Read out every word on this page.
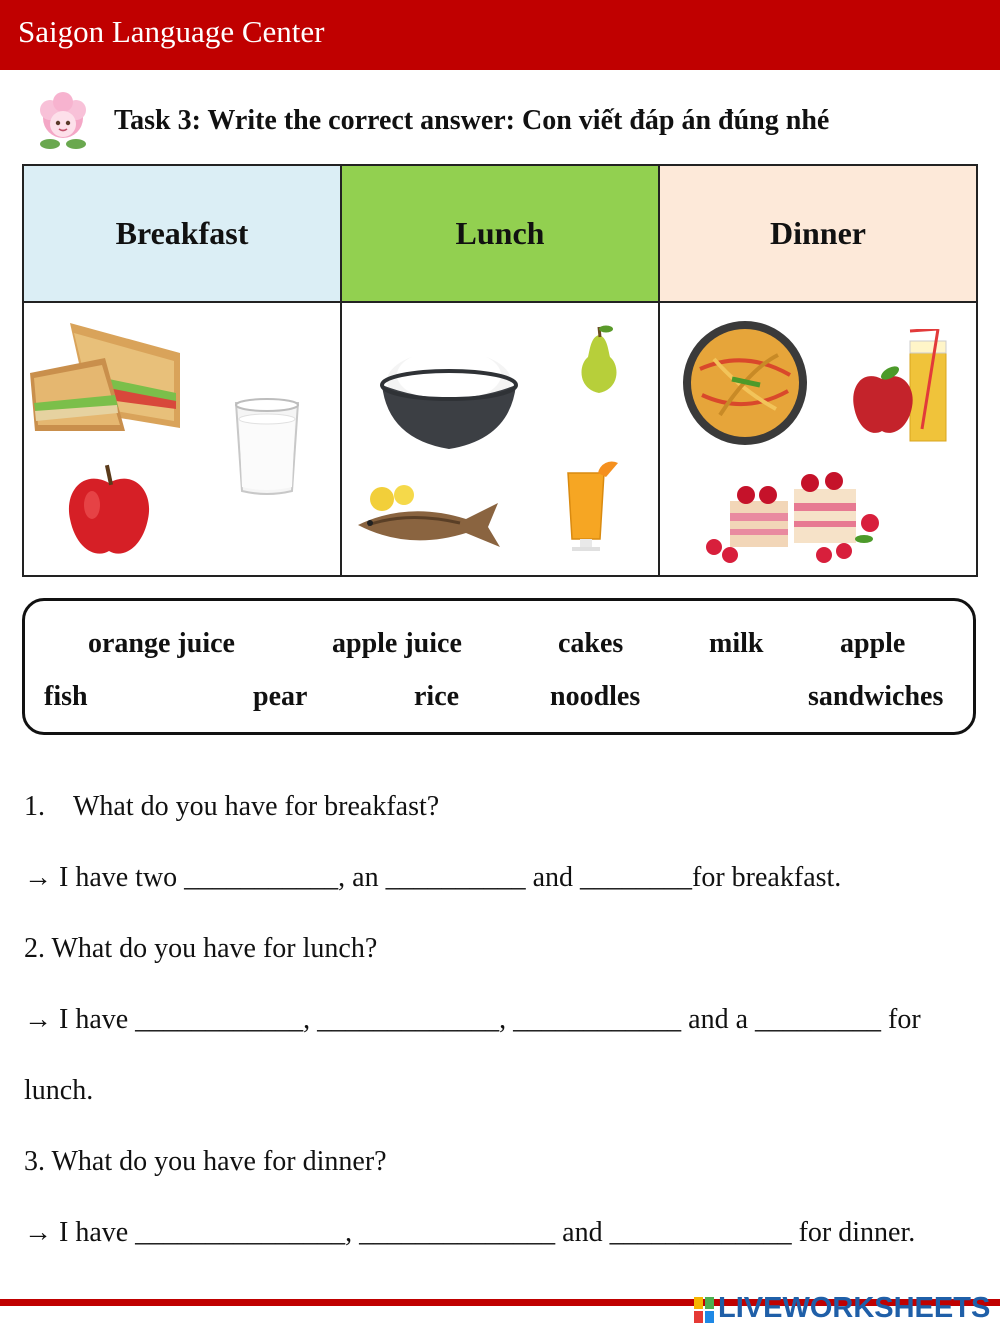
Saigon Language Center
Task 3: Write the correct answer: Con viết đáp án đúng nhé
Breakfast	Lunch	Dinner

orange juice	apple juice	cakes	milk	apple
fish	pear	rice	noodles	sandwiches
1.    What do you have for breakfast?
→ I have two ___________, an __________ and ________for breakfast.
2. What do you have for lunch?
→ I have ____________, _____________, ____________ and a _________ for
lunch.
3. What do you have for dinner?
→ I have _______________, ______________ and _____________ for dinner.
LIVEWORKSHEETS
